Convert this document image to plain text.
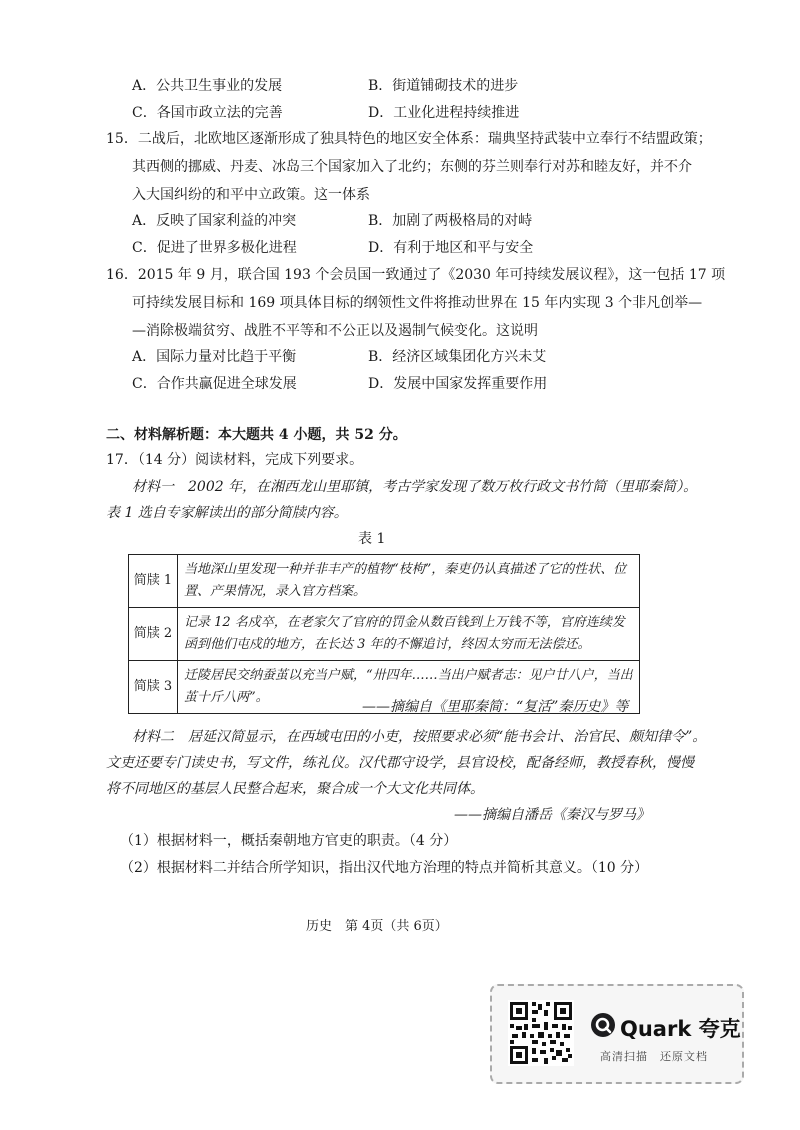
A．公共卫生事业的发展	B．街道铺砌技术的进步
C．各国市政立法的完善	D．工业化进程持续推进
15．二战后，北欧地区逐渐形成了独具特色的地区安全体系：瑞典坚持武装中立奉行不结盟政策；
其西侧的挪威、丹麦、冰岛三个国家加入了北约；东侧的芬兰则奉行对苏和睦友好，并不介
入大国纠纷的和平中立政策。这一体系
A．反映了国家利益的冲突	B．加剧了两极格局的对峙
C．促进了世界多极化进程	D．有利于地区和平与安全
16．2015 年 9 月，联合国 193 个会员国一致通过了《2030 年可持续发展议程》，这一包括 17 项
可持续发展目标和 169 项具体目标的纲领性文件将推动世界在 15 年内实现 3 个非凡创举—
—消除极端贫穷、战胜不平等和不公正以及遏制气候变化。这说明
A．国际力量对比趋于平衡	B．经济区域集团化方兴未艾
C．合作共赢促进全球发展	D．发展中国家发挥重要作用
二、材料解析题：本大题共 4 小题，共 52 分。
17．（14 分）阅读材料，完成下列要求。
材料一　2002 年，在湘西龙山里耶镇，考古学家发现了数万枚行政文书竹简（里耶秦简）。
表 1 选自专家解读出的部分简牍内容。
表 1
简牍 1	当地深山里发现一种并非丰产的植物“枝枸”，秦吏仍认真描述了它的性状、位置、产果情况，录入官方档案。
简牍 2	记录 12 名戍卒，在老家欠了官府的罚金从数百钱到上万钱不等，官府连续发函到他们屯戍的地方，在长达 3 年的不懈追讨，终因太穷而无法偿还。
简牍 3	迁陵居民交纳蚕茧以充当户赋，“卅四年……当出户赋者志：见户廿八户，当出茧十斤八两”。
——摘编自《里耶秦简：“复活”秦历史》等
材料二　居延汉简显示，在西域屯田的小吏，按照要求必须“能书会计、治官民、颇知律令”。
文吏还要专门读史书，写文件，练礼仪。汉代郡守设学，县官设校，配备经师，教授春秋，慢慢
将不同地区的基层人民整合起来，聚合成一个大文化共同体。
——摘编自潘岳《秦汉与罗马》
（1）根据材料一，概括秦朝地方官吏的职责。（4 分）
（2）根据材料二并结合所学知识，指出汉代地方治理的特点并简析其意义。（10 分）
历史　第 4页（共 6页）
Quark 夸克
高清扫描　还原文档
